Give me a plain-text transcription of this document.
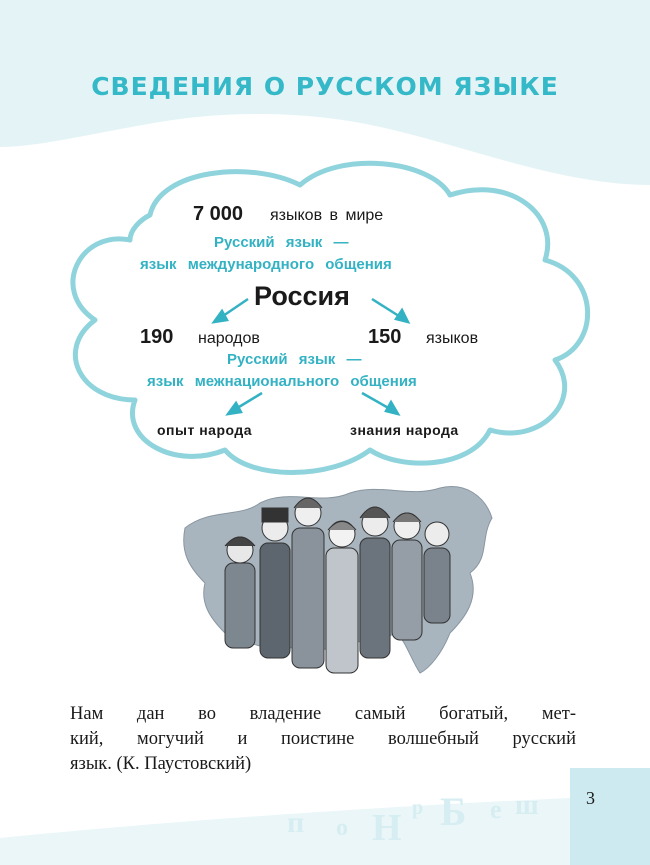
СВЕДЕНИЯ О РУССКОМ ЯЗЫКЕ
7 000 языков в мире
Русский язык —
язык международного общения
Россия
190 народов	150 языков
Русский язык —
язык межнационального общения
опыт народа	знания народа
Нам дан во владение самый богатый, мет-
кий, могучий и поистине волшебный русский
язык. (К. Паустовский)
п о Н р Б е ш	3
